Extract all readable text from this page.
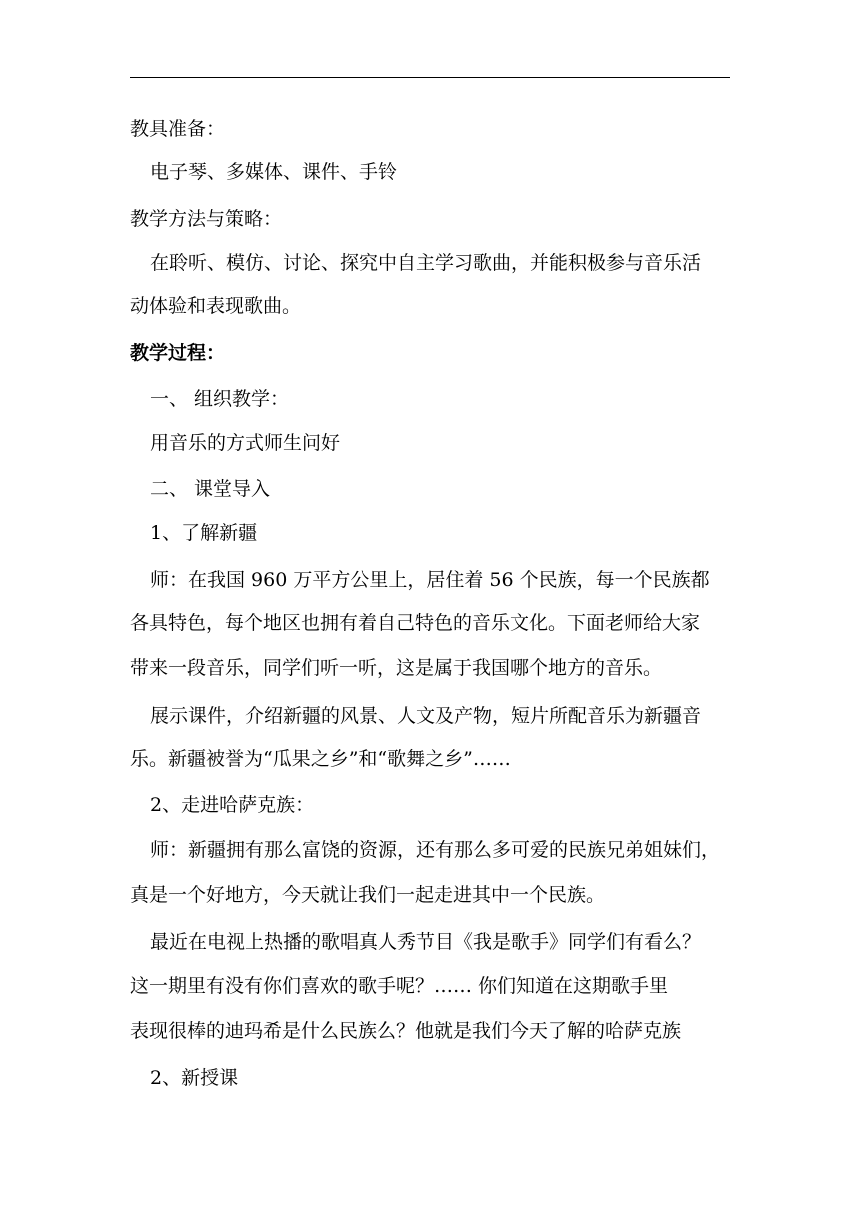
教具准备：
电子琴、多媒体、课件、手铃
教学方法与策略：
在聆听、模仿、讨论、探究中自主学习歌曲，并能积极参与音乐活
动体验和表现歌曲。
教学过程：
一、 组织教学：
用音乐的方式师生问好
二、 课堂导入
1、了解新疆
师：在我国 960 万平方公里上，居住着 56 个民族，每一个民族都
各具特色，每个地区也拥有着自己特色的音乐文化。下面老师给大家
带来一段音乐，同学们听一听，这是属于我国哪个地方的音乐。
展示课件，介绍新疆的风景、人文及产物，短片所配音乐为新疆音
乐。新疆被誉为“瓜果之乡”和“歌舞之乡”……
2、走进哈萨克族：
师：新疆拥有那么富饶的资源，还有那么多可爱的民族兄弟姐妹们，
真是一个好地方，今天就让我们一起走进其中一个民族。
最近在电视上热播的歌唱真人秀节目《我是歌手》同学们有看么？
这一期里有没有你们喜欢的歌手呢？…… 你们知道在这期歌手里
表现很棒的迪玛希是什么民族么？他就是我们今天了解的哈萨克族
2、新授课
